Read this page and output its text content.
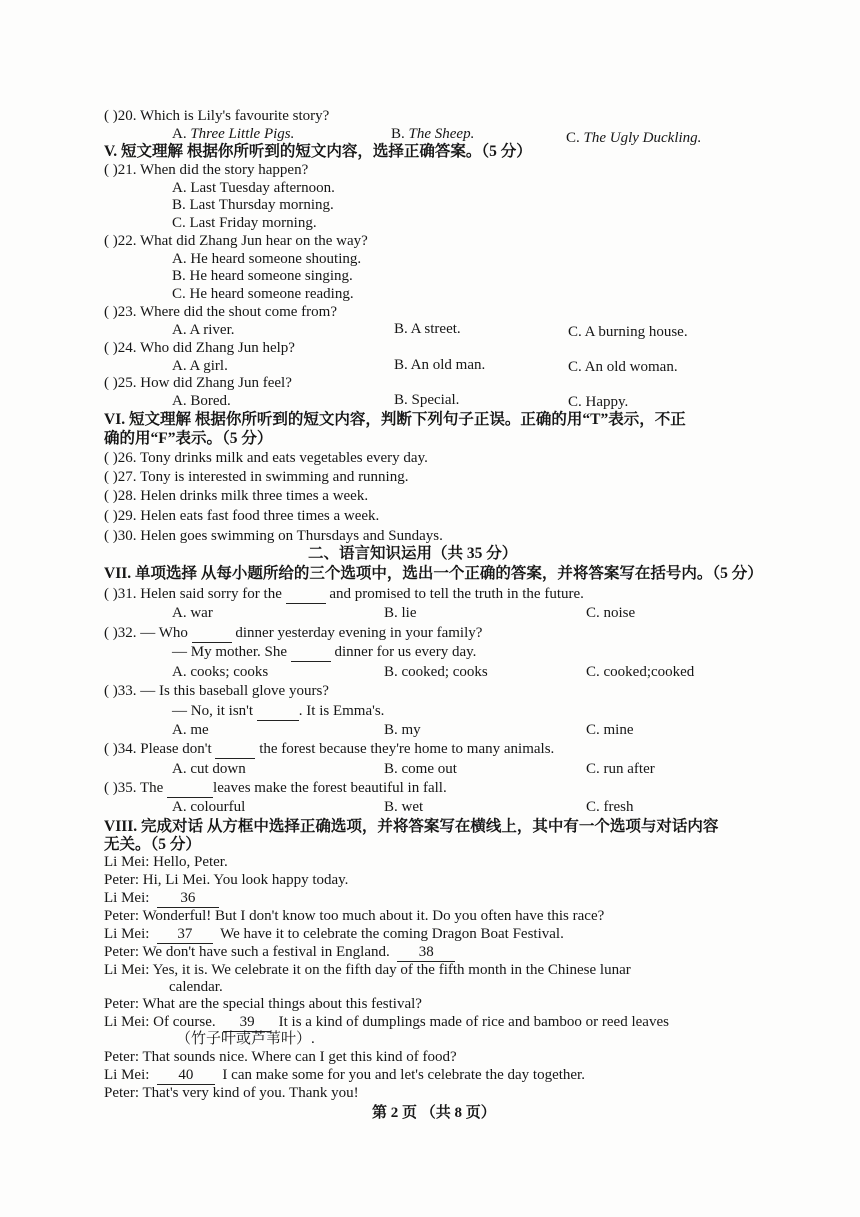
( )20. Which is Lily's favourite story?
A. Three Little Pigs.	B. The Sheep.	C. The Ugly Duckling.
V. 短文理解 根据你所听到的短文内容，选择正确答案。（5 分）
( )21. When did the story happen?
A. Last Tuesday afternoon.
B. Last Thursday morning.
C. Last Friday morning.
( )22. What did Zhang Jun hear on the way?
A. He heard someone shouting.
B. He heard someone singing.
C. He heard someone reading.
( )23. Where did the shout come from?
A. A river.	B. A street.	C. A burning house.
( )24. Who did Zhang Jun help?
A. A girl.	B. An old man.	C. An old woman.
( )25. How did Zhang Jun feel?
A. Bored.	B. Special.	C. Happy.
VI. 短文理解 根据你所听到的短文内容，判断下列句子正误。正确的用“T”表示，不正
确的用“F”表示。（5 分）
( )26. Tony drinks milk and eats vegetables every day.
( )27. Tony is interested in swimming and running.
( )28. Helen drinks milk three times a week.
( )29. Helen eats fast food three times a week.
( )30. Helen goes swimming on Thursdays and Sundays.
二、语言知识运用（共 35 分）
VII. 单项选择 从每小题所给的三个选项中，选出一个正确的答案，并将答案写在括号内。（5 分）
( )31. Helen said sorry for the	and promised to tell the truth in the future.
A. war	B. lie	C. noise
( )32. — Who	dinner yesterday evening in your family?
— My mother. She	dinner for us every day.
A. cooks; cooks	B. cooked; cooks	C. cooked;cooked
( )33. — Is this baseball glove yours?
— No, it isn't	. It is Emma's.
A. me	B. my	C. mine
( )34. Please don't	the forest because they're home to many animals.
A. cut down	B. come out	C. run after
( )35. The	leaves make the forest beautiful in fall.
A. colourful	B. wet	C. fresh
VIII. 完成对话 从方框中选择正确选项，并将答案写在横线上，其中有一个选项与对话内容
无关。（5 分）
Li Mei: Hello, Peter.
Peter: Hi, Li Mei. You look happy today.
Li Mei: 36
Peter: Wonderful! But I don't know too much about it. Do you often have this race?
Li Mei: 37 We have it to celebrate the coming Dragon Boat Festival.
Peter: We don't have such a festival in England. 38
Li Mei: Yes, it is. We celebrate it on the fifth day of the fifth month in the Chinese lunar
calendar.
Peter: What are the special things about this festival?
Li Mei: Of course. 39 It is a kind of dumplings made of rice and bamboo or reed leaves
（竹子叶或芦苇叶）.
Peter: That sounds nice. Where can I get this kind of food?
Li Mei: 40 I can make some for you and let's celebrate the day together.
Peter: That's very kind of you. Thank you!
第 2 页 （共 8 页）
